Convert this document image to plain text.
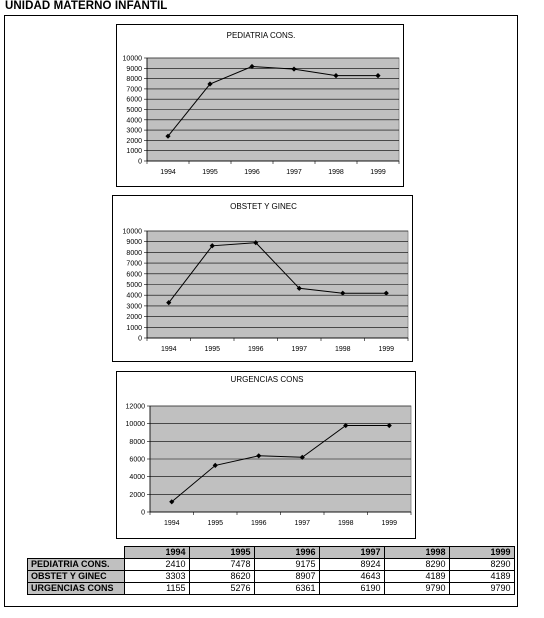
UNIDAD MATERNO INFANTIL
PEDIATRIA CONS.
0
1000
2000
3000
4000
5000
6000
7000
8000
9000
10000
1994	1995	1996	1997	1998	1999
OBSTET Y GINEC
0
1000
2000
3000
4000
5000
6000
7000
8000
9000
10000
1994	1995	1996	1997	1998	1999
URGENCIAS CONS
0
2000
4000
6000
8000
10000
12000
1994	1995	1996	1997	1998	1999
	1994	1995	1996	1997	1998	1999
PEDIATRIA CONS.	2410	7478	9175	8924	8290	8290
OBSTET Y GINEC	3303	8620	8907	4643	4189	4189
URGENCIAS CONS	1155	5276	6361	6190	9790	9790
